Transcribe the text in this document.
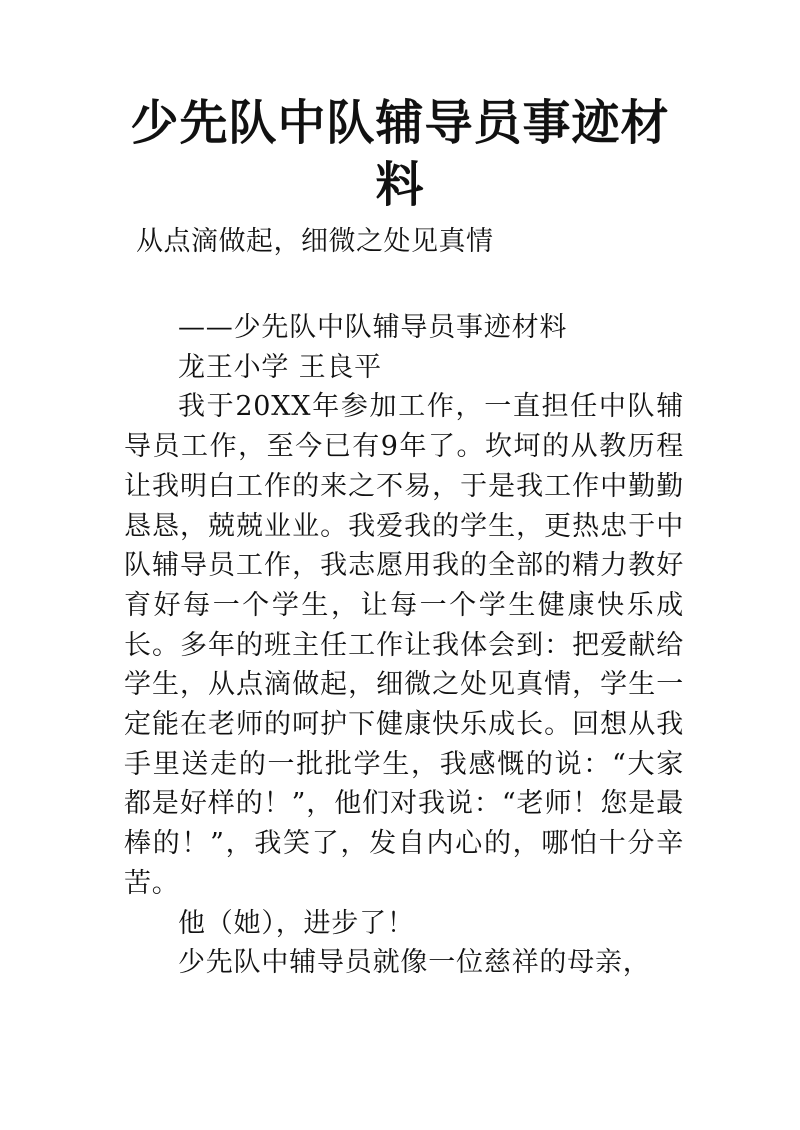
少先队中队辅导员事迹材料
从点滴做起，细微之处见真情

——少先队中队辅导员事迹材料

龙王小学 王良平

我于20XX年参加工作，一直担任中队辅导员工作，至今已有9年了。坎坷的从教历程让我明白工作的来之不易，于是我工作中勤勤恳恳，兢兢业业。我爱我的学生，更热忠于中队辅导员工作，我志愿用我的全部的精力教好育好每一个学生，让每一个学生健康快乐成长。多年的班主任工作让我体会到：把爱献给学生，从点滴做起，细微之处见真情，学生一定能在老师的呵护下健康快乐成长。回想从我手里送走的一批批学生，我感慨的说：“大家都是好样的！”，他们对我说：“老师！您是最棒的！”，我笑了，发自内心的，哪怕十分辛苦。

他（她），进步了！

少先队中辅导员就像一位慈祥的母亲，
